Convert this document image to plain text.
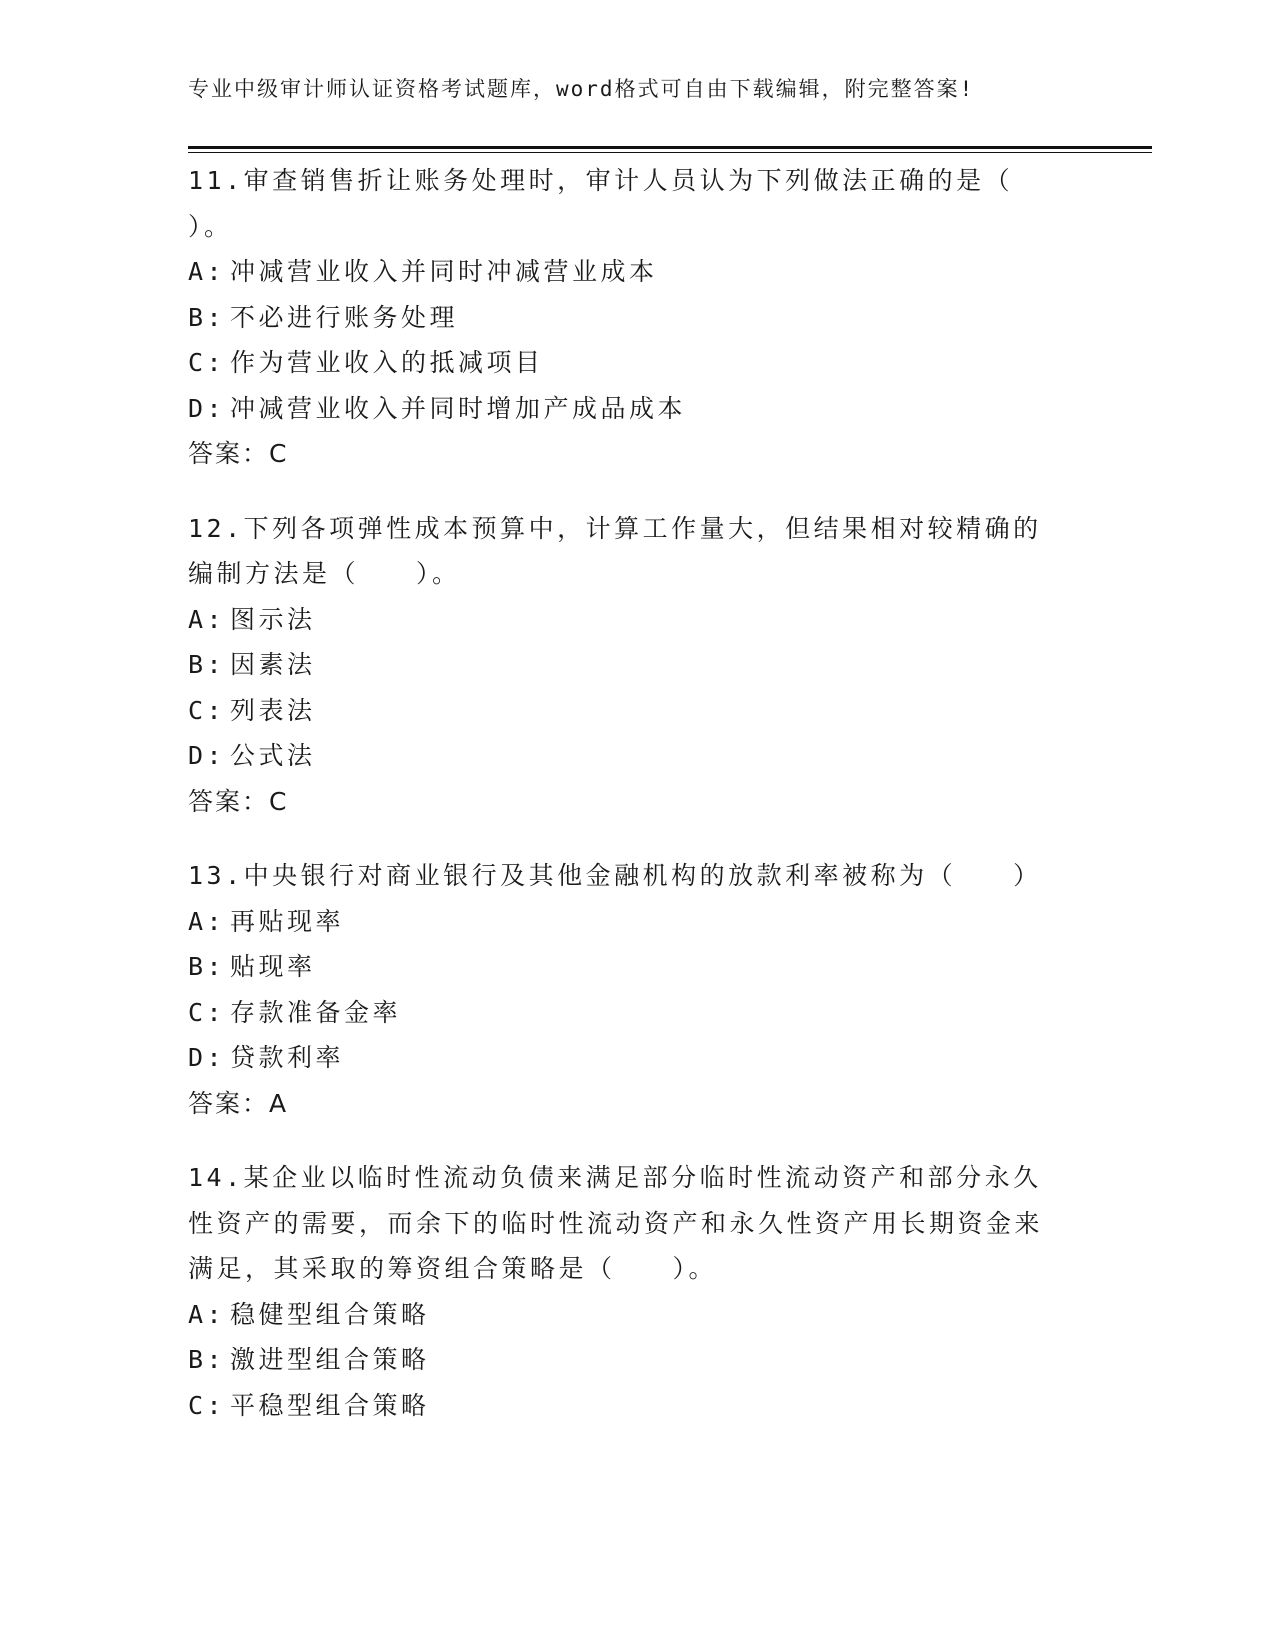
专业中级审计师认证资格考试题库，word格式可自由下载编辑，附完整答案!
11.审查销售折让账务处理时，审计人员认为下列做法正确的是（　　）。
A: 冲减营业收入并同时冲减营业成本
B: 不必进行账务处理
C: 作为营业收入的抵减项目
D: 冲减营业收入并同时增加产成品成本
答案：C
12.下列各项弹性成本预算中，计算工作量大，但结果相对较精确的编制方法是（　　）。
A: 图示法
B: 因素法
C: 列表法
D: 公式法
答案：C
13.中央银行对商业银行及其他金融机构的放款利率被称为（　　）
A: 再贴现率
B: 贴现率
C: 存款准备金率
D: 贷款利率
答案：A
14.某企业以临时性流动负债来满足部分临时性流动资产和部分永久性资产的需要，而余下的临时性流动资产和永久性资产用长期资金来满足，其采取的筹资组合策略是（　　）。
A: 稳健型组合策略
B: 激进型组合策略
C: 平稳型组合策略
